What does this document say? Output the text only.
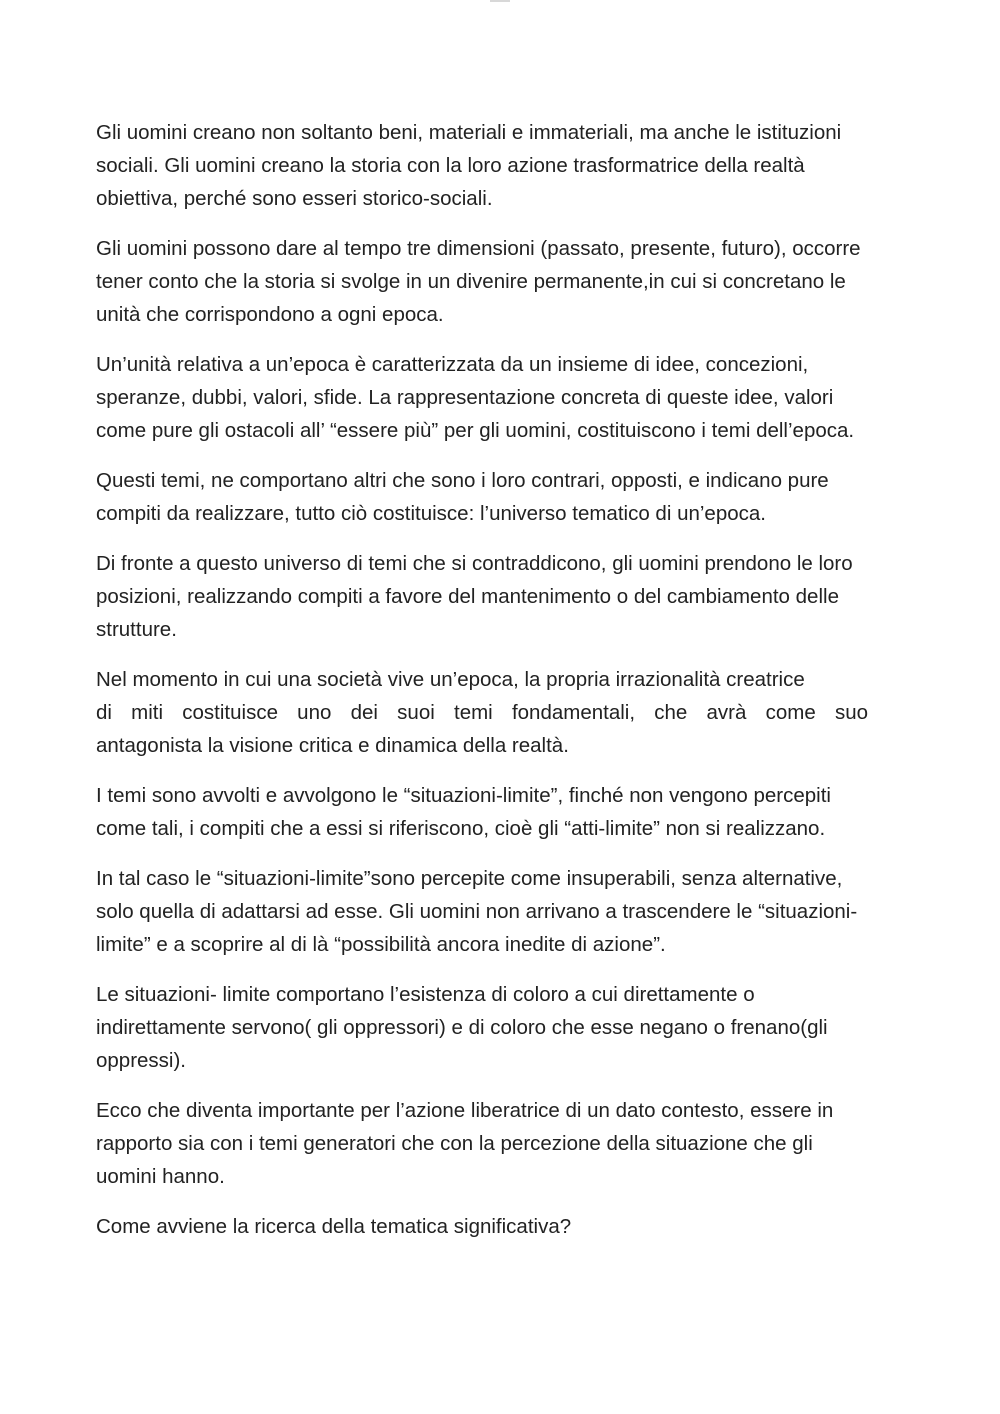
Gli uomini creano non soltanto beni, materiali e immateriali, ma anche le istituzioni
sociali. Gli uomini creano la storia con la loro azione trasformatrice della realtà
obiettiva, perché sono esseri storico-sociali.

Gli uomini possono dare al tempo tre dimensioni (passato, presente, futuro), occorre
tener conto che la storia si svolge in un divenire permanente,in cui si concretano le
unità che corrispondono a ogni epoca.

Un’unità relativa a un’epoca è caratterizzata da un insieme di idee, concezioni,
speranze, dubbi, valori, sfide. La rappresentazione concreta di queste idee, valori
come pure gli ostacoli all’ “essere più” per gli uomini, costituiscono i temi dell’epoca.

Questi temi, ne comportano altri che sono i loro contrari, opposti, e indicano pure
compiti da realizzare, tutto ciò costituisce: l’universo tematico di un’epoca.

Di fronte a questo universo di temi che si contraddicono, gli uomini prendono le loro
posizioni, realizzando compiti a favore del mantenimento o del cambiamento delle
strutture.

Nel momento in cui una società vive un’epoca, la propria irrazionalità creatrice
di miti costituisce uno dei suoi temi fondamentali, che avrà come suo
antagonista la visione critica e dinamica della realtà.

I temi sono avvolti e avvolgono le “situazioni-limite”, finché non vengono percepiti
come tali, i compiti che a essi si riferiscono, cioè gli “atti-limite” non si realizzano.

In tal caso le “situazioni-limite”sono percepite come insuperabili, senza alternative,
solo quella di adattarsi ad esse. Gli uomini non arrivano a trascendere le “situazioni-
limite” e a scoprire al di là “possibilità ancora inedite di azione”.

Le situazioni- limite comportano l’esistenza di coloro a cui direttamente o
indirettamente servono( gli oppressori) e di coloro che esse negano o frenano(gli
oppressi).

Ecco che diventa importante per l’azione liberatrice di un dato contesto, essere in
rapporto sia con i temi generatori che con la percezione della situazione che gli
uomini hanno.

Come avviene la ricerca della tematica significativa?
